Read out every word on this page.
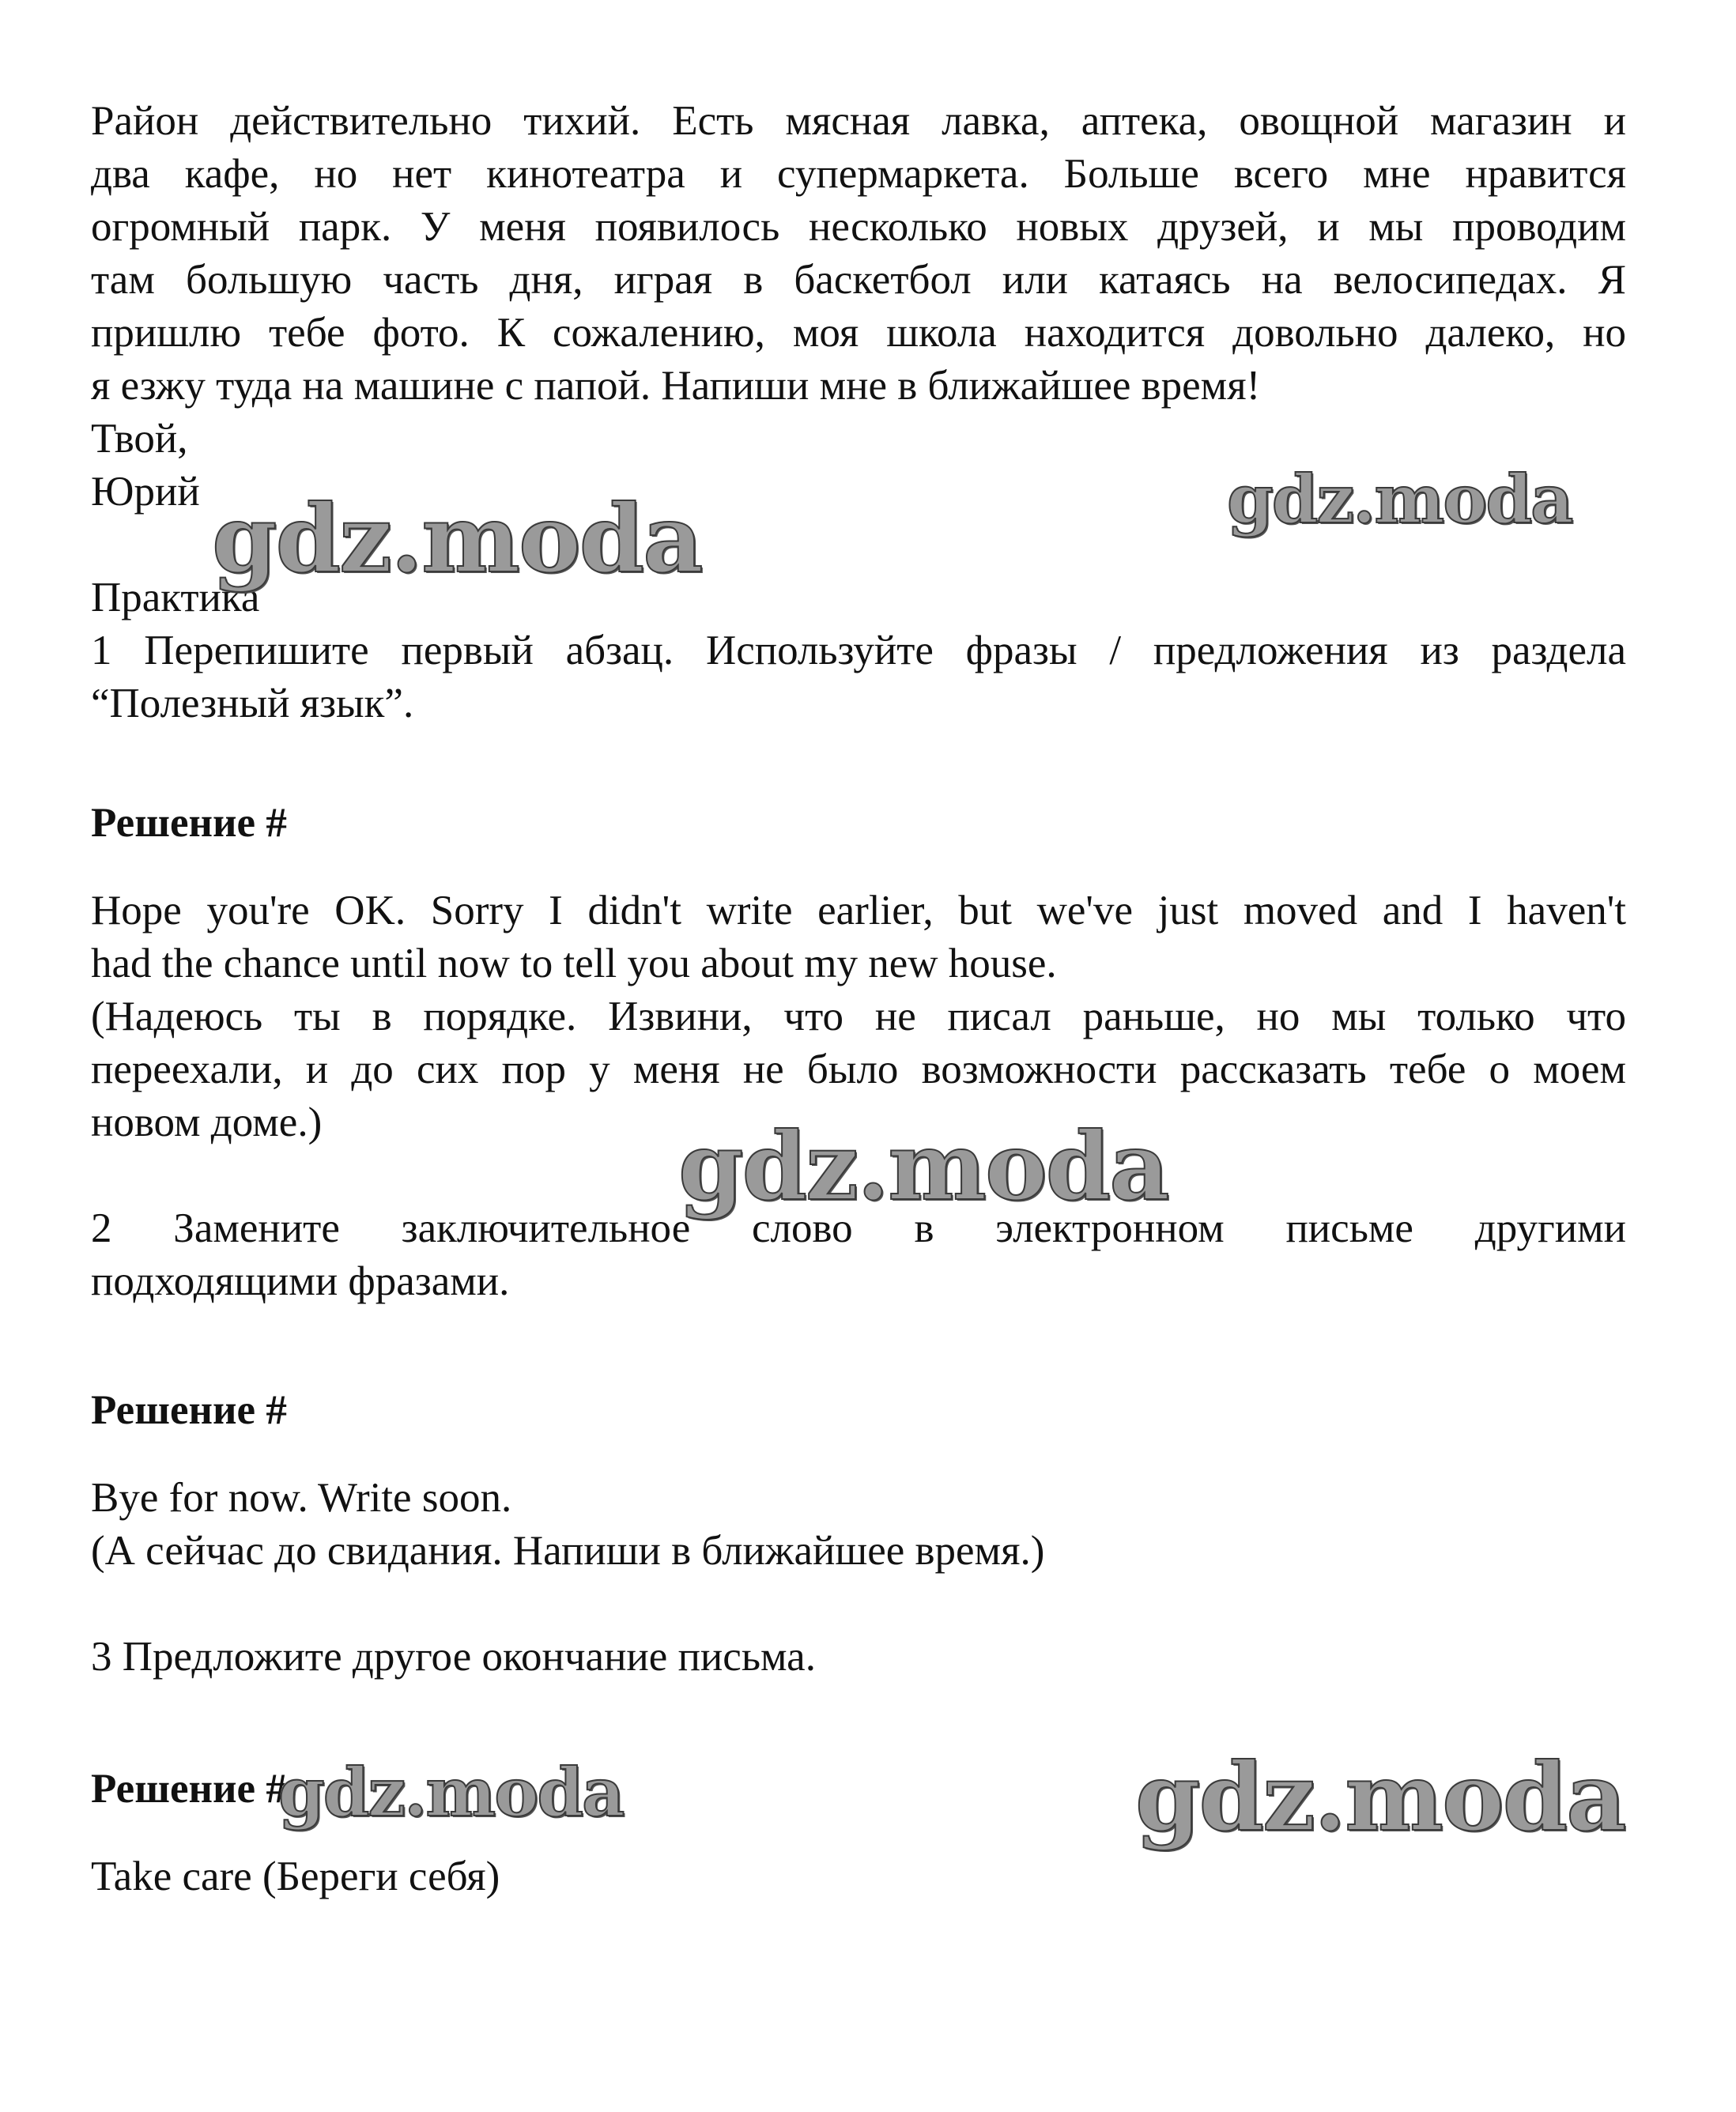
Район действительно тихий. Есть мясная лавка, аптека, овощной магазин и
два кафе, но нет кинотеатра и супермаркета. Больше всего мне нравится
огромный парк. У меня появилось несколько новых друзей, и мы проводим
там большую часть дня, играя в баскетбол или катаясь на велосипедах. Я
пришлю тебе фото. К сожалению, моя школа находится довольно далеко, но
я езжу туда на машине с папой. Напиши мне в ближайшее время!
Твой,
Юрий
Практика
1 Перепишите первый абзац. Используйте фразы / предложения из раздела
“Полезный язык”.

Решение #

Hope you're OK. Sorry I didn't write earlier, but we've just moved and I haven't
had the chance until now to tell you about my new house.
(Надеюсь ты в порядке. Извини, что не писал раньше, но мы только что
переехали, и до сих пор у меня не было возможности рассказать тебе о моем
новом доме.)
2 Замените заключительное слово в электронном письме другими
подходящими фразами.

Решение #

Bye for now. Write soon.
(А сейчас до свидания. Напиши в ближайшее время.)
3 Предложите другое окончание письма.

Решение #

Take care (Береги себя)
gdz.moda	gdz.moda
gdz.moda
gdz.moda	gdz.moda
